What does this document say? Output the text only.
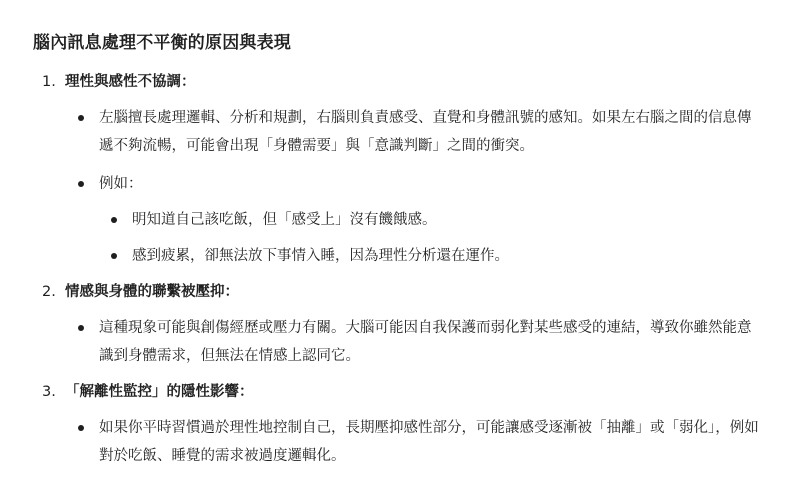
腦內訊息處理不平衡的原因與表現
1. 理性與感性不協調：
左腦擅長處理邏輯、分析和規劃，右腦則負責感受、直覺和身體訊號的感知。如果左右腦之間的信息傳遞不夠流暢，可能會出現「身體需要」與「意識判斷」之間的衝突。
例如：
明知道自己該吃飯，但「感受上」沒有饑餓感。
感到疲累，卻無法放下事情入睡，因為理性分析還在運作。
2. 情感與身體的聯繫被壓抑：
這種現象可能與創傷經歷或壓力有關。大腦可能因自我保護而弱化對某些感受的連結，導致你雖然能意識到身體需求，但無法在情感上認同它。
3. 「解離性監控」的隱性影響：
如果你平時習慣過於理性地控制自己，長期壓抑感性部分，可能讓感受逐漸被「抽離」或「弱化」，例如對於吃飯、睡覺的需求被過度邏輯化。
